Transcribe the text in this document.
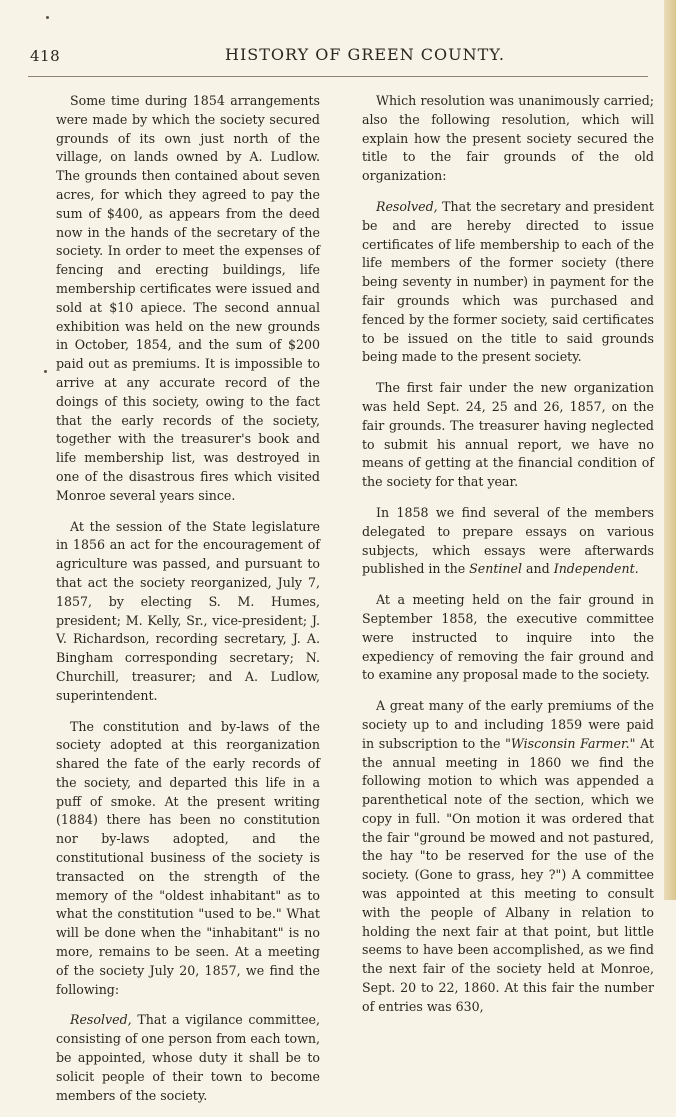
418	HISTORY OF GREEN COUNTY.

Some time during 1854 arrangements were made by which the society secured grounds of its own just north of the village, on lands owned by A. Ludlow. The grounds then contained about seven acres, for which they agreed to pay the sum of $400, as appears from the deed now in the hands of the secretary of the society. In order to meet the expenses of fencing and erecting buildings, life membership certificates were issued and sold at $10 apiece. The second annual exhibition was held on the new grounds in October, 1854, and the sum of $200 paid out as premiums. It is impossible to arrive at any accurate record of the doings of this society, owing to the fact that the early records of the society, together with the treasurer's book and life membership list, was destroyed in one of the disastrous fires which visited Monroe several years since.

At the session of the State legislature in 1856 an act for the encouragement of agriculture was passed, and pursuant to that act the society reorganized, July 7, 1857, by electing S. M. Humes, president; M. Kelly, Sr., vice-president; J. V. Richardson, recording secretary, J. A. Bingham corresponding secretary; N. Churchill, treasurer; and A. Ludlow, superintendent.

The constitution and by-laws of the society adopted at this reorganization shared the fate of the early records of the society, and departed this life in a puff of smoke. At the present writing (1884) there has been no constitution nor by-laws adopted, and the constitutional business of the society is transacted on the strength of the memory of the "oldest inhabitant" as to what the constitution "used to be." What will be done when the "inhabitant" is no more, remains to be seen. At a meeting of the society July 20, 1857, we find the following:

Resolved, That a vigilance committee, consisting of one person from each town, be appointed, whose duty it shall be to solicit people of their town to become members of the society.

Which resolution was unanimously carried; also the following resolution, which will explain how the present society secured the title to the fair grounds of the old organization:

Resolved, That the secretary and president be and are hereby directed to issue certificates of life membership to each of the life members of the former society (there being seventy in number) in payment for the fair grounds which was purchased and fenced by the former society, said certificates to be issued on the title to said grounds being made to the present society.

The first fair under the new organization was held Sept. 24, 25 and 26, 1857, on the fair grounds. The treasurer having neglected to submit his annual report, we have no means of getting at the financial condition of the society for that year.

In 1858 we find several of the members delegated to prepare essays on various subjects, which essays were afterwards published in the Sentinel and Independent.

At a meeting held on the fair ground in September 1858, the executive committee were instructed to inquire into the expediency of removing the fair ground and to examine any proposal made to the society.

A great many of the early premiums of the society up to and including 1859 were paid in subscription to the "Wisconsin Farmer." At the annual meeting in 1860 we find the following motion to which was appended a parenthetical note of the section, which we copy in full. "On motion it was ordered that the fair "ground be mowed and not pastured, the hay "to be reserved for the use of the society. (Gone to grass, hey ?") A committee was appointed at this meeting to consult with the people of Albany in relation to holding the next fair at that point, but little seems to have been accomplished, as we find the next fair of the society held at Monroe, Sept. 20 to 22, 1860. At this fair the number of entries was 630,
